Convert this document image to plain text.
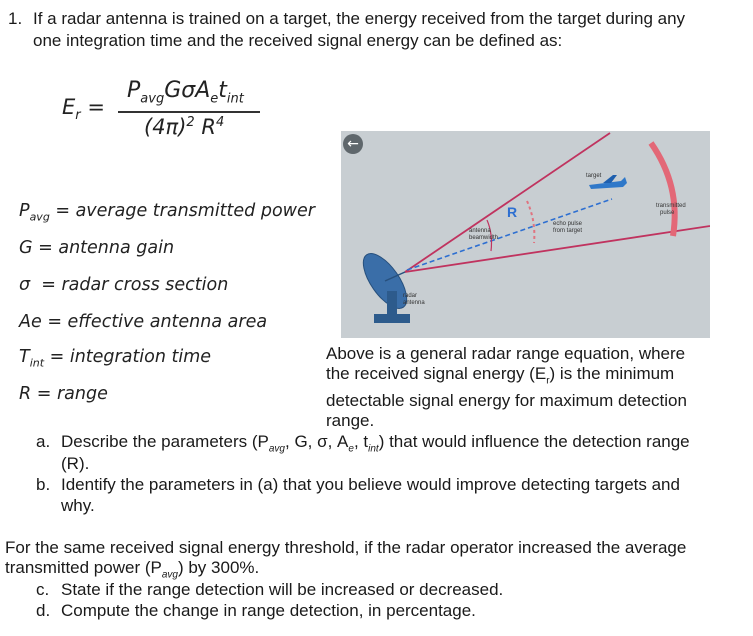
1. If a radar antenna is trained on a target, the energy received from the target during any
one integration time and the received signal energy can be defined as:
$E_r$ =
$P_{avg}G\sigma A_et_{int}$
$(4\pi)^2$ $R^4$
$P_{avg}$ = average transmitted power
G = antenna gain
σ  = radar cross section
Ae = effective antenna area
$T_{int}$ = integration time
R = range
←
target
transmitted
pulse
echo pulse
from target
R
antenna
beamwidth
radar
antenna
Above is a general radar range equation, where
the received signal energy $(E_r)$ is the minimum
detectable signal energy for maximum detection
range.
a. Describe the parameters ($P_{avg}$, G, σ, $A_e$, $t_{int}$) that would influence the detection range
(R).
b. Identify the parameters in (a) that you believe would improve detecting targets and
why.
For the same received signal energy threshold, if the radar operator increased the average
transmitted power $(P_{avg})$ by 300%.
c. State if the range detection will be increased or decreased.
d. Compute the change in range detection, in percentage.
